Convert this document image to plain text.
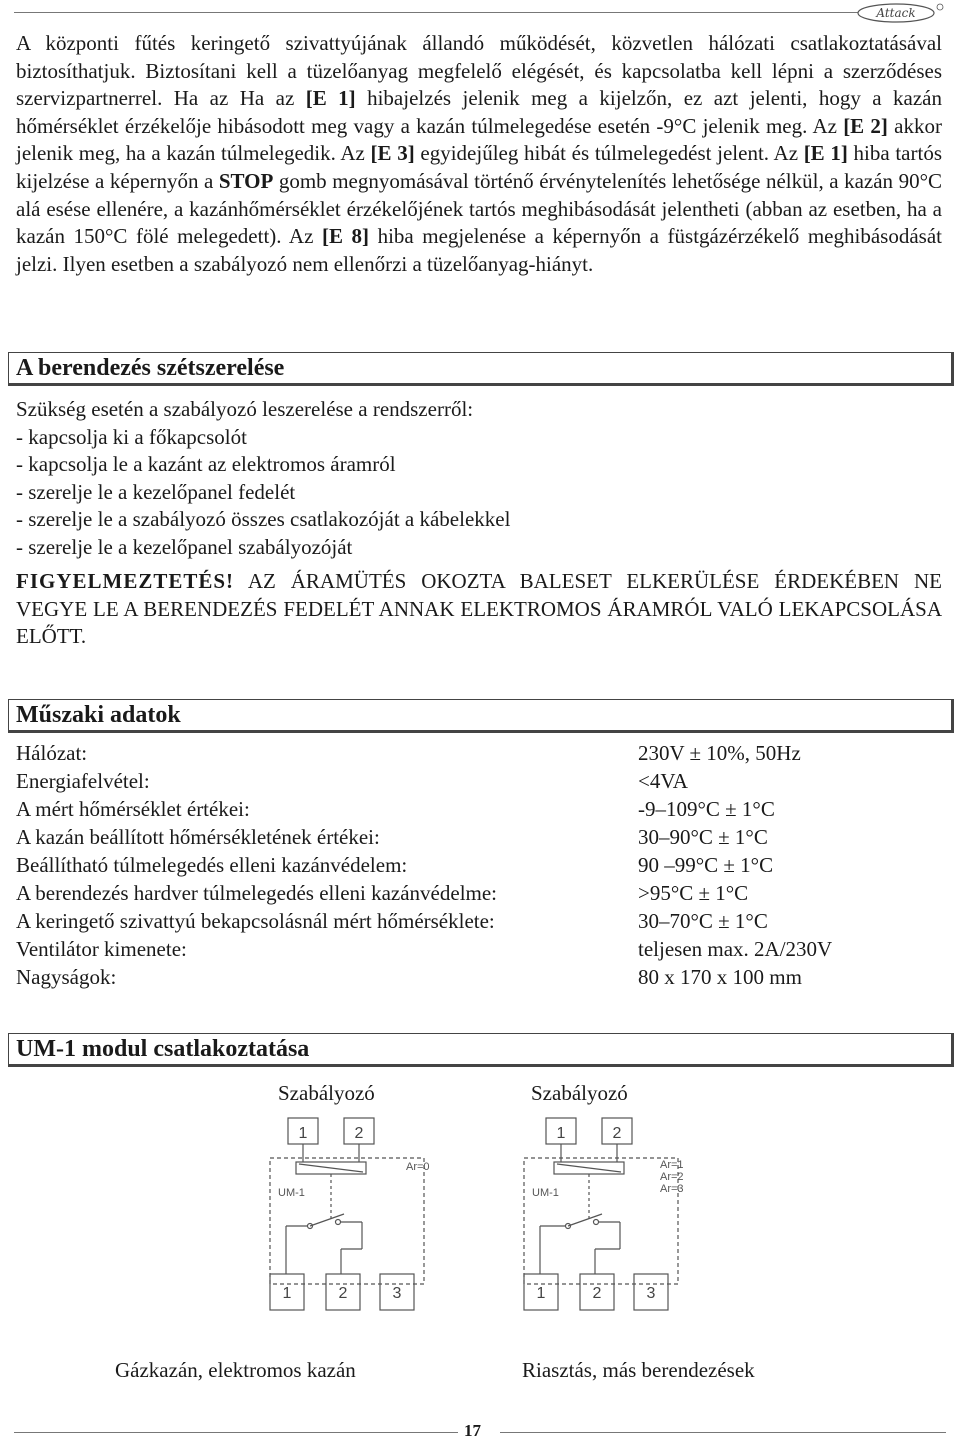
Attack

A központi fűtés keringető szivattyújának állandó működését, közvetlen hálózati csatlakoztatásával biztosíthatjuk. Biztosítani kell a tüzelőanyag megfelelő elégését, és kapcsolatba kell lépni a szerződéses szervizpartnerrel. Ha az Ha az [E 1] hibajelzés jelenik meg a kijelzőn, ez azt jelenti, hogy a kazán hőmérséklet érzékelője hibásodott meg vagy a kazán túlmelegedése esetén -9°C jelenik meg. Az [E 2] akkor jelenik meg, ha a kazán túlmelegedik. Az [E 3] egyidejűleg hibát és túlmelegedést jelent. Az [E 1] hiba tartós kijelzése a képernyőn a STOP gomb megnyomásával történő érvénytelenítés lehetősége nélkül, a kazán 90°C alá esése ellenére, a kazánhőmérséklet érzékelőjének tartós meghibásodását jelentheti (abban az esetben, ha a kazán 150°C fölé melegedett). Az [E 8] hiba megjelenése a képernyőn a füstgázérzékelő meghibásodását jelzi. Ilyen esetben a szabályozó nem ellenőrzi a tüzelőanyag-hiányt.

A berendezés szétszerelése
Szükség esetén a szabályozó leszerelése a rendszerről:
- kapcsolja ki a főkapcsolót
- kapcsolja le a kazánt az elektromos áramról
- szerelje le a kezelőpanel fedelét
- szerelje le a szabályozó összes csatlakozóját a kábelekkel
- szerelje le a kezelőpanel szabályozóját

FIGYELMEZTETÉS! AZ ÁRAMÜTÉS OKOZTA BALESET ELKERÜLÉSE ÉRDEKÉBEN NE VEGYE LE A BERENDEZÉS FEDELÉT ANNAK ELEKTROMOS ÁRAMRÓL VALÓ LEKAPCSOLÁSA ELŐTT.

Műszaki adatok
Hálózat:	230V ± 10%, 50Hz
Energiafelvétel:	<4VA
A mért hőmérséklet értékei:	-9–109°C ± 1°C
A kazán beállított hőmérsékletének értékei:	30–90°C ± 1°C
Beállítható túlmelegedés elleni kazánvédelem:	90 –99°C ± 1°C
A berendezés hardver túlmelegedés elleni kazánvédelme:	>95°C ± 1°C
A keringető szivattyú bekapcsolásnál mért hőmérséklete:	30–70°C ± 1°C
Ventilátor kimenete:	teljesen max. 2A/230V
Nagyságok:	80 x 170 x 100 mm
UM-1 modul csatlakoztatása
Szabályozó	Szabályozó
1	2
UM-1
Ar=0
1	2	3
1	2
UM-1
Ar=1
Ar=2
Ar=3
1	2	3
Gázkazán, elektromos kazán	Riasztás, más berendezések
17
